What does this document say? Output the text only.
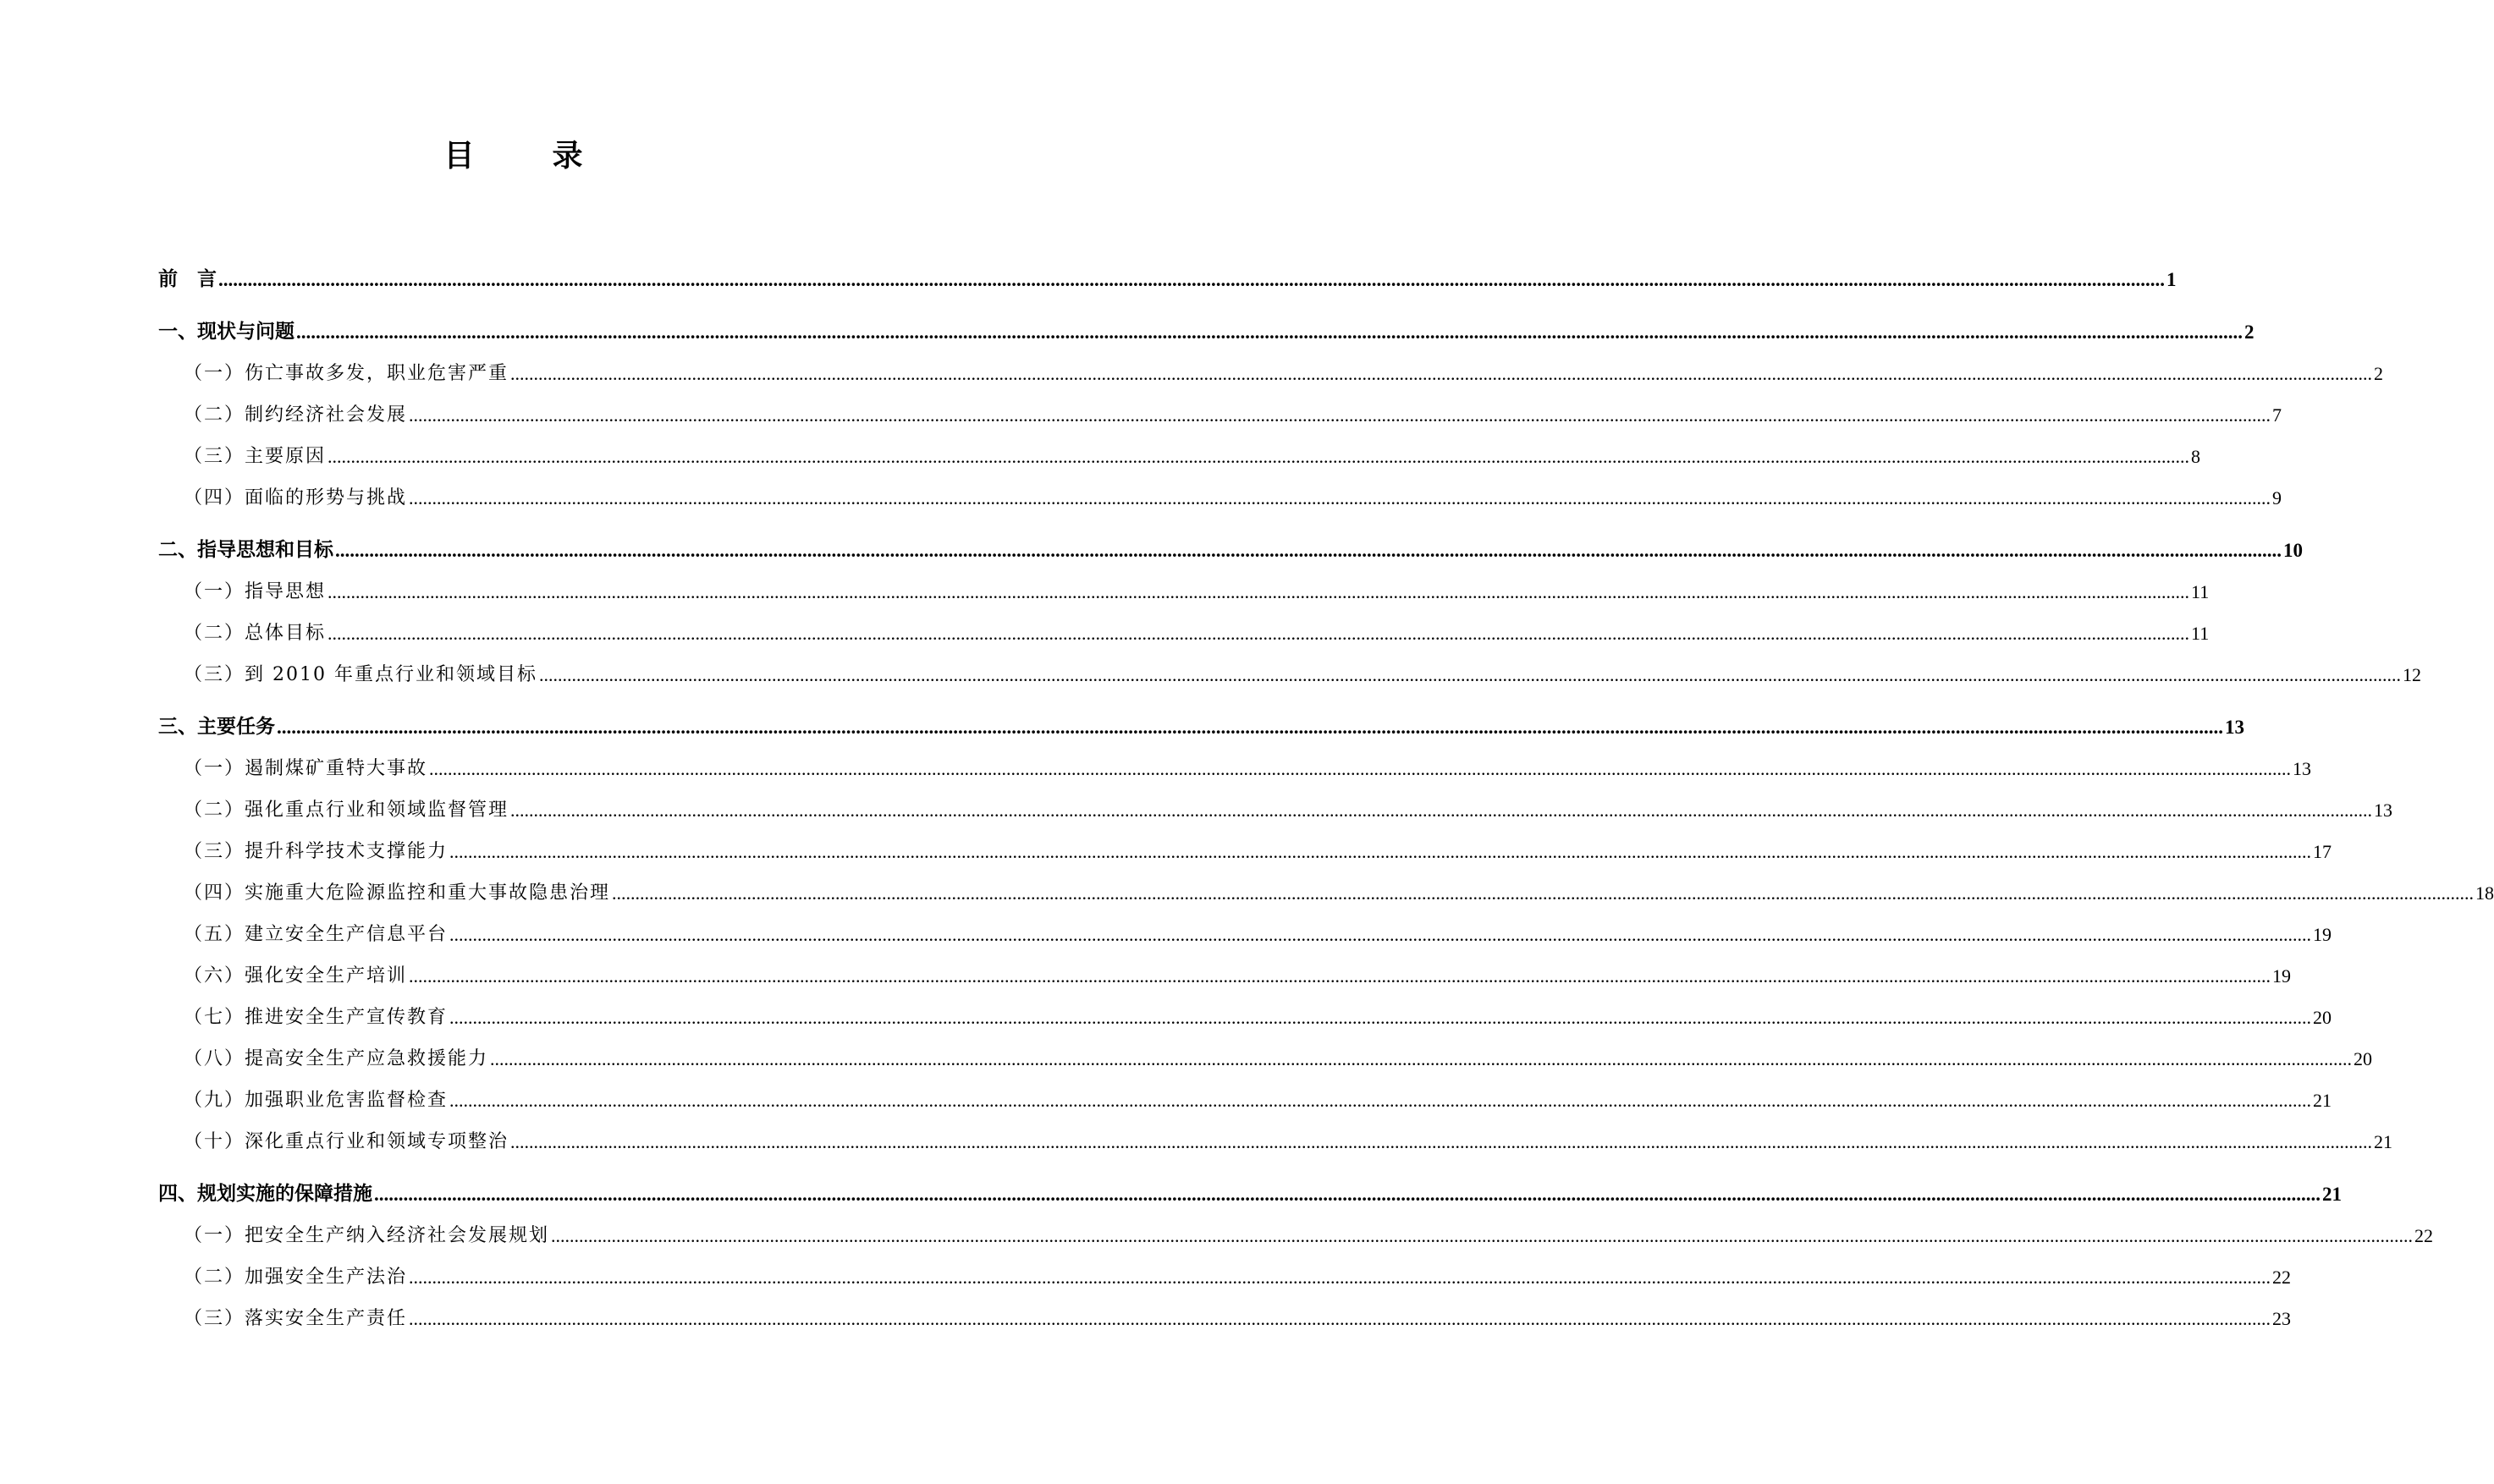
目　录
前　言 ................................................................................................................................................................................................................................................................................................................................................................................................................ 1
一、现状与问题 ................................................................................................................................................................................................................................................................................................................................................................................................................ 2
（一）伤亡事故多发，职业危害严重 ................................................................................................................................................................................................................................................................................................................................................................................................................ 2
（二）制约经济社会发展 ................................................................................................................................................................................................................................................................................................................................................................................................................ 7
（三）主要原因 ................................................................................................................................................................................................................................................................................................................................................................................................................ 8
（四）面临的形势与挑战 ................................................................................................................................................................................................................................................................................................................................................................................................................ 9
二、指导思想和目标 ................................................................................................................................................................................................................................................................................................................................................................................................................ 10
（一）指导思想 ................................................................................................................................................................................................................................................................................................................................................................................................................ 11
（二）总体目标 ................................................................................................................................................................................................................................................................................................................................................................................................................ 11
（三）到 2010 年重点行业和领域目标 ................................................................................................................................................................................................................................................................................................................................................................................................................ 12
三、主要任务 ................................................................................................................................................................................................................................................................................................................................................................................................................ 13
（一）遏制煤矿重特大事故 ................................................................................................................................................................................................................................................................................................................................................................................................................ 13
（二）强化重点行业和领域监督管理 ................................................................................................................................................................................................................................................................................................................................................................................................................ 13
（三）提升科学技术支撑能力 ................................................................................................................................................................................................................................................................................................................................................................................................................ 17
（四）实施重大危险源监控和重大事故隐患治理 ................................................................................................................................................................................................................................................................................................................................................................................................................ 18
（五）建立安全生产信息平台 ................................................................................................................................................................................................................................................................................................................................................................................................................ 19
（六）强化安全生产培训 ................................................................................................................................................................................................................................................................................................................................................................................................................ 19
（七）推进安全生产宣传教育 ................................................................................................................................................................................................................................................................................................................................................................................................................ 20
（八）提高安全生产应急救援能力 ................................................................................................................................................................................................................................................................................................................................................................................................................ 20
（九）加强职业危害监督检查 ................................................................................................................................................................................................................................................................................................................................................................................................................ 21
（十）深化重点行业和领域专项整治 ................................................................................................................................................................................................................................................................................................................................................................................................................ 21
四、规划实施的保障措施 ................................................................................................................................................................................................................................................................................................................................................................................................................ 21
（一）把安全生产纳入经济社会发展规划 ................................................................................................................................................................................................................................................................................................................................................................................................................ 22
（二）加强安全生产法治 ................................................................................................................................................................................................................................................................................................................................................................................................................ 22
（三）落实安全生产责任 ................................................................................................................................................................................................................................................................................................................................................................................................................ 23
